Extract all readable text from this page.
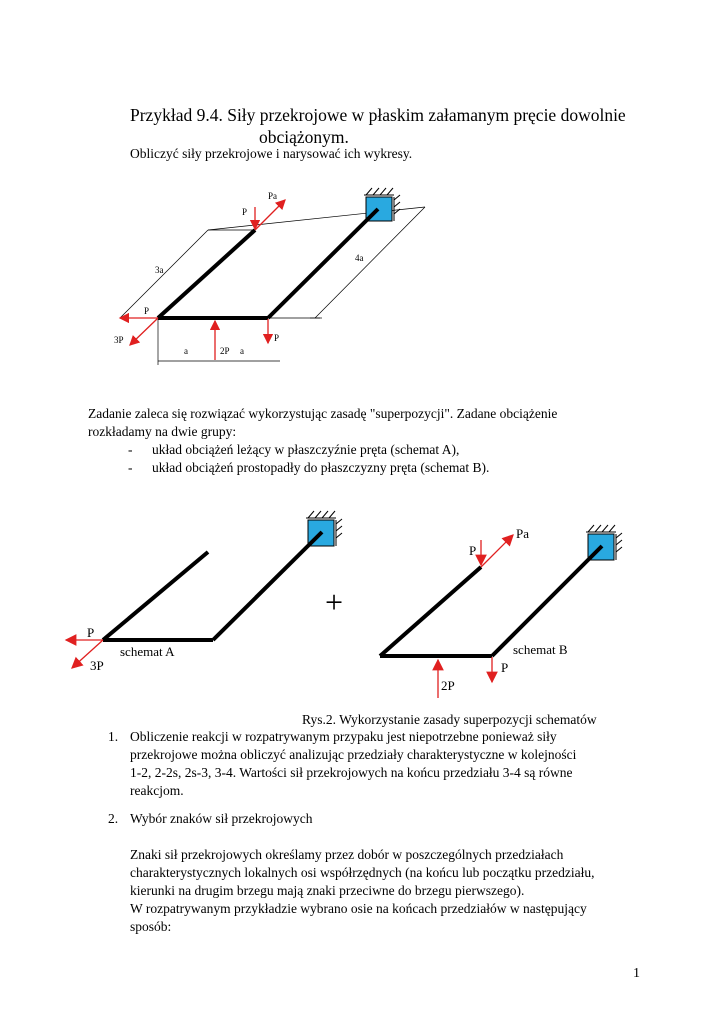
Przykład 9.4. Siły przekrojowe w płaskim załamanym pręcie dowolnie
obciążonym.
Obliczyć siły przekrojowe i narysować ich wykresy.
Pa
P
3a
4a
P
3P
a	2P a
P
Zadanie zaleca się rozwiązać wykorzystując zasadę "superpozycji". Zadane obciążenie
rozkładamy na dwie grupy:
- układ obciążeń leżący w płaszczyźnie pręta (schemat A),
- układ obciążeń prostopadły do płaszczyzny pręta (schemat B).
P
3P
schemat A
+
Pa
P
schemat B
P
2P
Rys.2. Wykorzystanie zasady superpozycji schematów
1. Obliczenie reakcji w rozpatrywanym przypaku jest niepotrzebne ponieważ siły
przekrojowe można obliczyć analizując przedziały charakterystyczne w kolejności
1-2, 2-2s, 2s-3, 3-4. Wartości sił przekrojowych na końcu przedziału 3-4 są równe
reakcjom.
2. Wybór znaków sił przekrojowych
Znaki sił przekrojowych określamy przez dobór w poszczególnych przedziałach
charakterystycznych lokalnych osi współrzędnych (na końcu lub początku przedziału,
kierunki na drugim brzegu mają znaki przeciwne do brzegu pierwszego).
W rozpatrywanym przykładzie wybrano osie na końcach przedziałów w następujący
sposób:
1
